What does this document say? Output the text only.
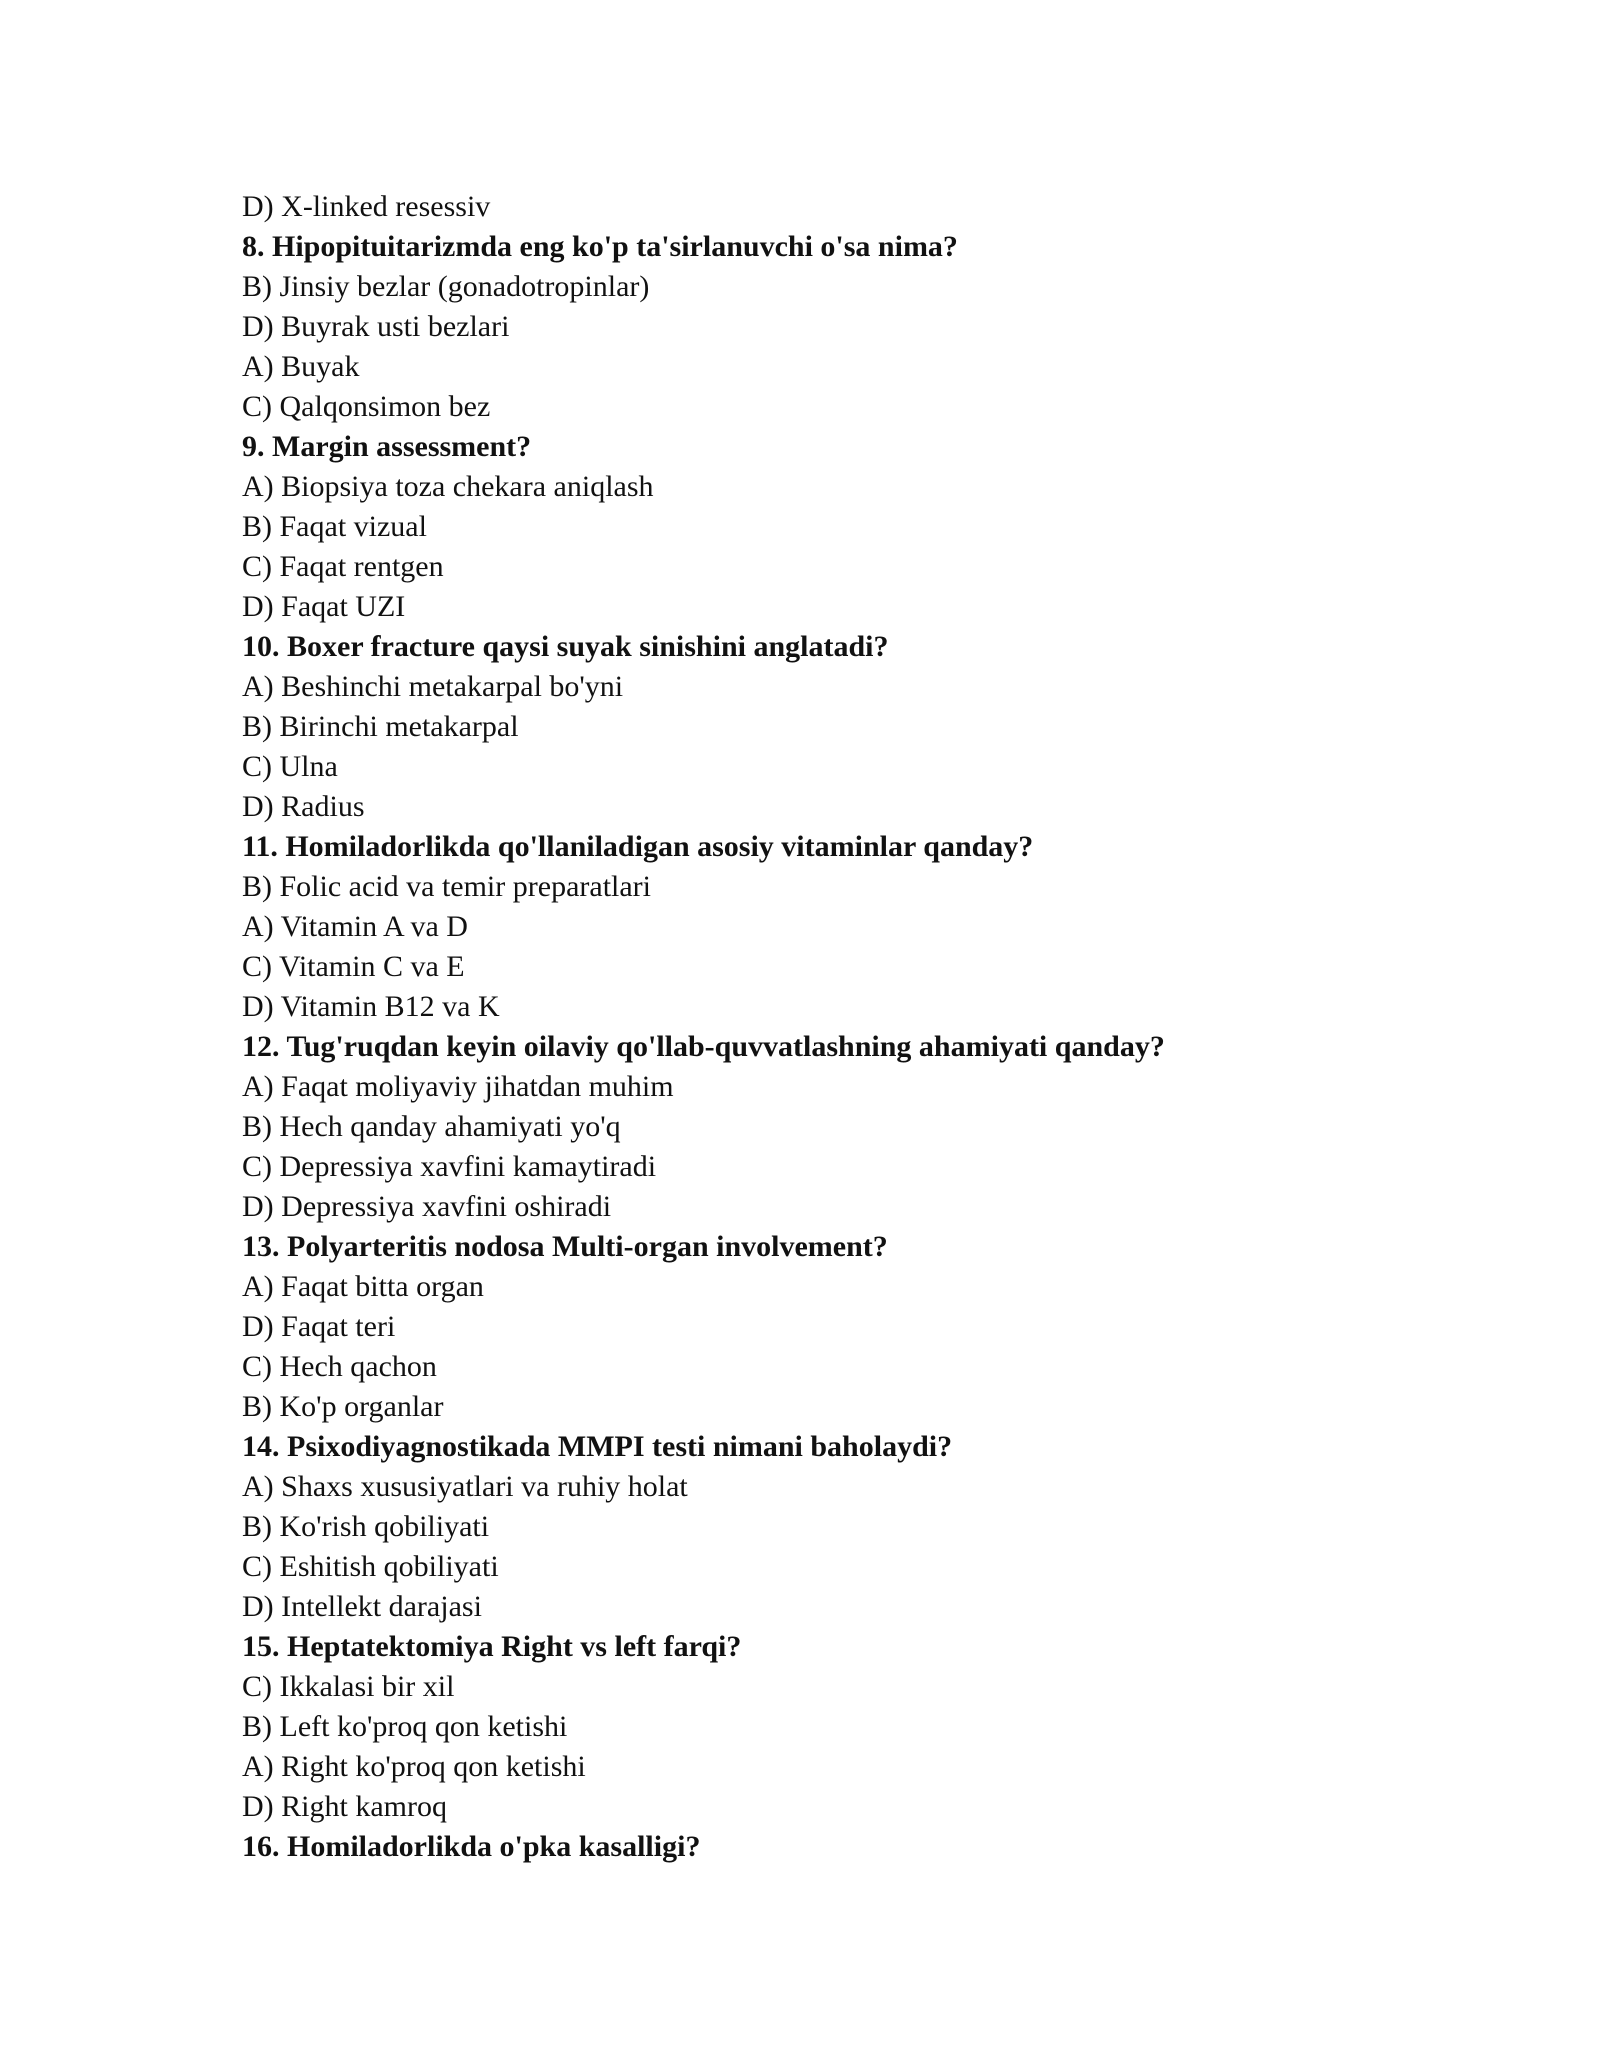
D) X-linked resessiv
8. Hipopituitarizmda eng ko'p ta'sirlanuvchi o'sa nima?
B) Jinsiy bezlar (gonadotropinlar)
D) Buyrak usti bezlari
A) Buyak
C) Qalqonsimon bez
9. Margin assessment?
A) Biopsiya toza chekara aniqlash
B) Faqat vizual
C) Faqat rentgen
D) Faqat UZI
10. Boxer fracture qaysi suyak sinishini anglatadi?
A) Beshinchi metakarpal bo'yni
B) Birinchi metakarpal
C) Ulna
D) Radius
11. Homiladorlikda qo'llaniladigan asosiy vitaminlar qanday?
B) Folic acid va temir preparatlari
A) Vitamin A va D
C) Vitamin C va E
D) Vitamin B12 va K
12. Tug'ruqdan keyin oilaviy qo'llab-quvvatlashning ahamiyati qanday?
A) Faqat moliyaviy jihatdan muhim
B) Hech qanday ahamiyati yo'q
C) Depressiya xavfini kamaytiradi
D) Depressiya xavfini oshiradi
13. Polyarteritis nodosa Multi-organ involvement?
A) Faqat bitta organ
D) Faqat teri
C) Hech qachon
B) Ko'p organlar
14. Psixodiyagnostikada MMPI testi nimani baholaydi?
A) Shaxs xususiyatlari va ruhiy holat
B) Ko'rish qobiliyati
C) Eshitish qobiliyati
D) Intellekt darajasi
15. Heptatektomiya Right vs left farqi?
C) Ikkalasi bir xil
B) Left ko'proq qon ketishi
A) Right ko'proq qon ketishi
D) Right kamroq
16. Homiladorlikda o'pka kasalligi?
